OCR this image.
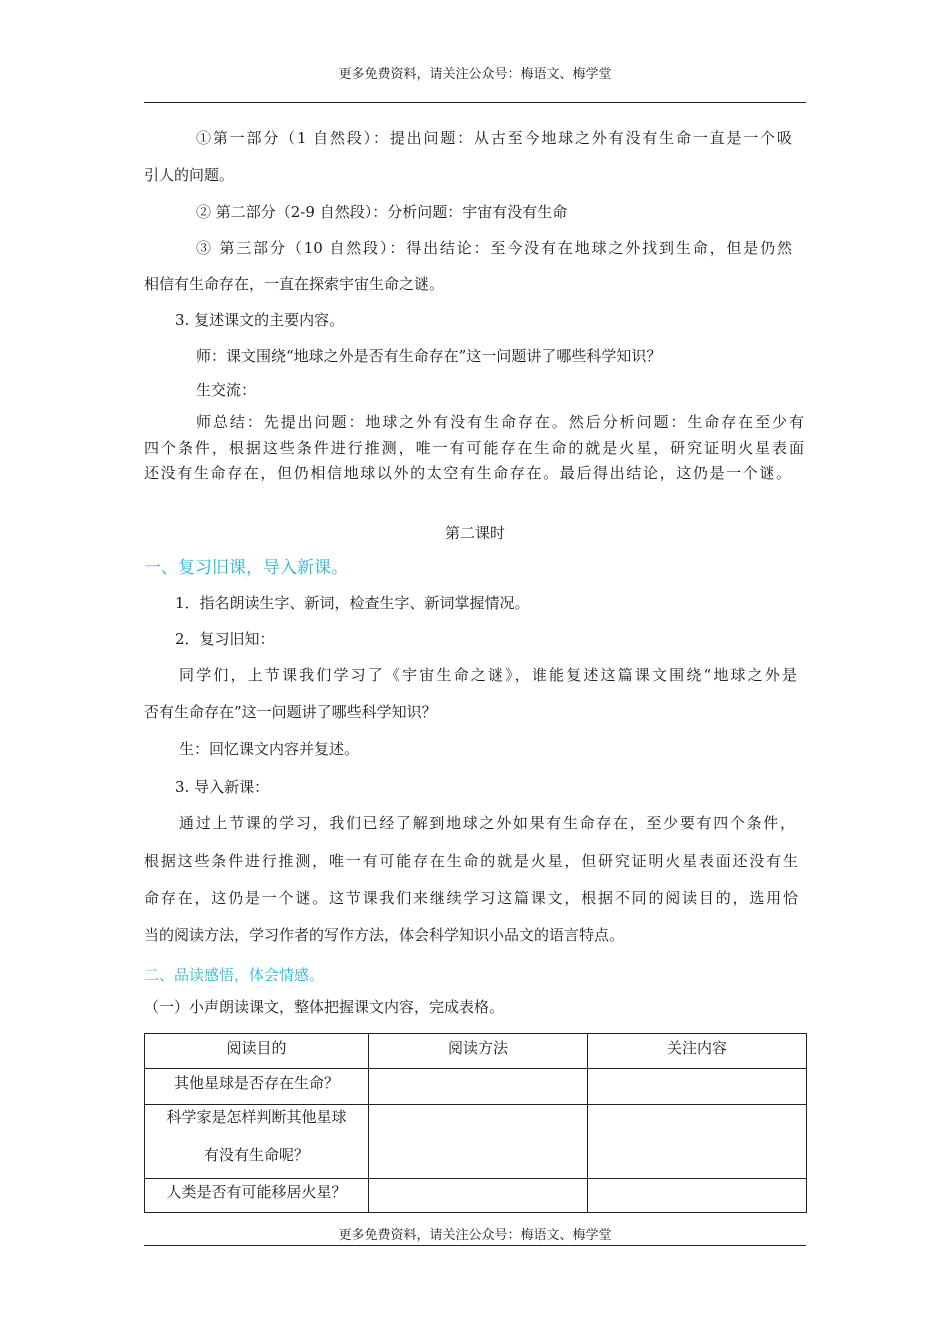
更多免费资料，请关注公众号：梅语文、梅学堂
①第一部分（1 自然段）：提出问题：从古至今地球之外有没有生命一直是一个吸
引人的问题。
② 第二部分（2-9 自然段）：分析问题：宇宙有没有生命
③ 第三部分（10 自然段）：得出结论：至今没有在地球之外找到生命，但是仍然
相信有生命存在，一直在探索宇宙生命之谜。
3. 复述课文的主要内容。
师：课文围绕“地球之外是否有生命存在”这一问题讲了哪些科学知识？
生交流：
师总结：先提出问题：地球之外有没有生命存在。然后分析问题：生命存在至少有
四个条件，根据这些条件进行推测，唯一有可能存在生命的就是火星，研究证明火星表面
还没有生命存在，但仍相信地球以外的太空有生命存在。最后得出结论，这仍是一个谜。
第二课时
一、复习旧课，导入新课。
1．指名朗读生字、新词，检查生字、新词掌握情况。
2．复习旧知：
同学们，上节课我们学习了《宇宙生命之谜》，谁能复述这篇课文围绕“地球之外是
否有生命存在”这一问题讲了哪些科学知识？
生：回忆课文内容并复述。
3. 导入新课：
通过上节课的学习，我们已经了解到地球之外如果有生命存在，至少要有四个条件，
根据这些条件进行推测，唯一有可能存在生命的就是火星，但研究证明火星表面还没有生
命存在，这仍是一个谜。这节课我们来继续学习这篇课文，根据不同的阅读目的，选用恰
当的阅读方法，学习作者的写作方法，体会科学知识小品文的语言特点。
二、品读感悟，体会情感。
（一）小声朗读课文，整体把握课文内容，完成表格。
阅读目的	阅读方法	关注内容
其他星球是否存在生命？		

科学家是怎样判断其他星球
有没有生命呢？		

人类是否有可能移居火星？		
更多免费资料，请关注公众号：梅语文、梅学堂
